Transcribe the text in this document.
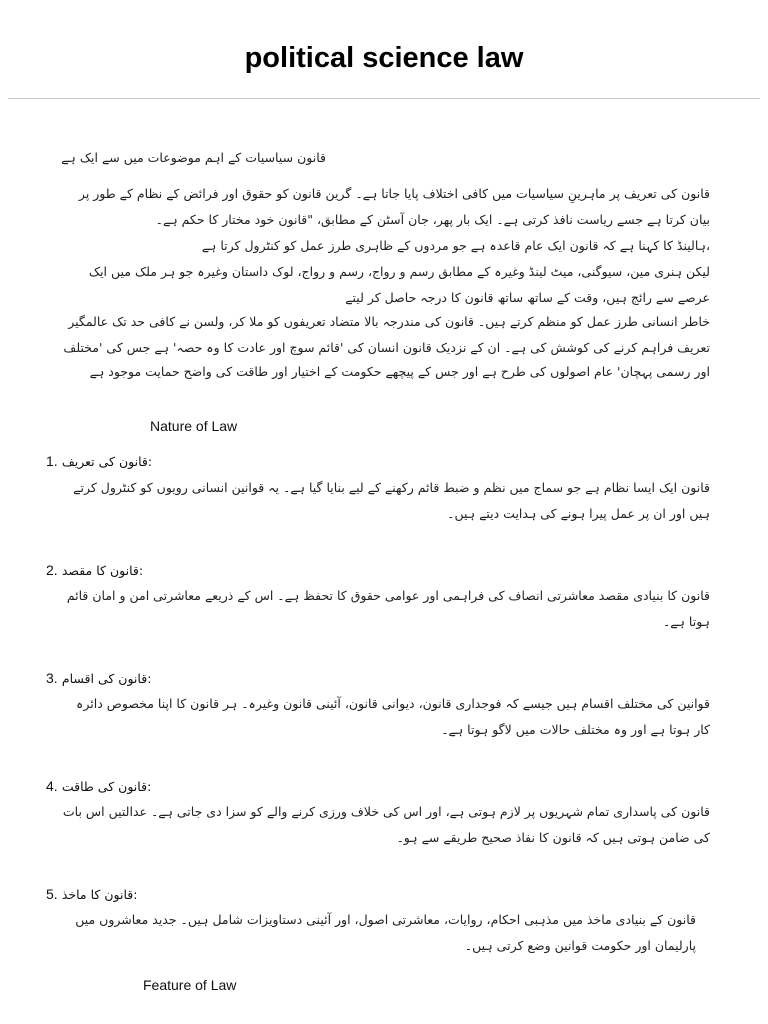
political science law
قانون سیاسیات کے اہم موضوعات میں سے ایک ہے
قانون کی تعریف پر ماہرینِ سیاسیات میں کافی اختلاف پایا جاتا ہے۔ گرین قانون کو حقوق اور فرائض کے نظام کے طور پر
بیان کرتا ہے جسے ریاست نافذ کرتی ہے۔ ایک بار پھر، جان آسٹن کے مطابق، "قانون خود مختار کا حکم ہے۔
،ہالینڈ کا کہنا ہے کہ قانون ایک عام قاعدہ ہے جو مردوں کے ظاہری طرز عمل کو کنٹرول کرتا ہے
لیکن ہنری مین، سیوگنی، میٹ لینڈ وغیرہ کے مطابق رسم و رواج، رسم و رواج، لوک داستان وغیرہ جو ہر ملک میں ایک
عرصے سے رائج ہیں، وقت کے ساتھ ساتھ قانون کا درجہ حاصل کر لیتے
خاطر انسانی طرز عمل کو منظم کرتے ہیں۔ قانون کی مندرجہ بالا متضاد تعریفوں کو ملا کر، ولسن نے کافی حد تک عالمگیر
تعریف فراہم کرنے کی کوشش کی ہے۔ ان کے نزدیک قانون انسان کی 'قائم سوچ اور عادت کا وہ حصہ' ہے جس کی 'مختلف
اور رسمی پہچان' عام اصولوں کی طرح ہے اور جس کے پیچھے حکومت کے اختیار اور طاقت کی واضح حمایت موجود ہے
Nature of Law
1. قانون کی تعریف:
قانون ایک ایسا نظام ہے جو سماج میں نظم و ضبط قائم رکھنے کے لیے بنایا گیا ہے۔ یہ قوانین انسانی رویوں کو کنٹرول کرتے
ہیں اور ان پر عمل پیرا ہونے کی ہدایت دیتے ہیں۔
2. قانون کا مقصد:
قانون کا بنیادی مقصد معاشرتی انصاف کی فراہمی اور عوامی حقوق کا تحفظ ہے۔ اس کے ذریعے معاشرتی امن و امان قائم
ہوتا ہے۔
3. قانون کی اقسام:
قوانین کی مختلف اقسام ہیں جیسے کہ فوجداری قانون، دیوانی قانون، آئینی قانون وغیرہ۔ ہر قانون کا اپنا مخصوص دائرہ
کار ہوتا ہے اور وہ مختلف حالات میں لاگو ہوتا ہے۔
4. قانون کی طاقت:
قانون کی پاسداری تمام شہریوں پر لازم ہوتی ہے، اور اس کی خلاف ورزی کرنے والے کو سزا دی جاتی ہے۔ عدالتیں اس بات
کی ضامن ہوتی ہیں کہ قانون کا نفاذ صحیح طریقے سے ہو۔
5. قانون کا ماخذ:
قانون کے بنیادی ماخذ میں مذہبی احکام، روایات، معاشرتی اصول، اور آئینی دستاویزات شامل ہیں۔ جدید معاشروں میں
پارلیمان اور حکومت قوانین وضع کرتی ہیں۔
Feature of Law
